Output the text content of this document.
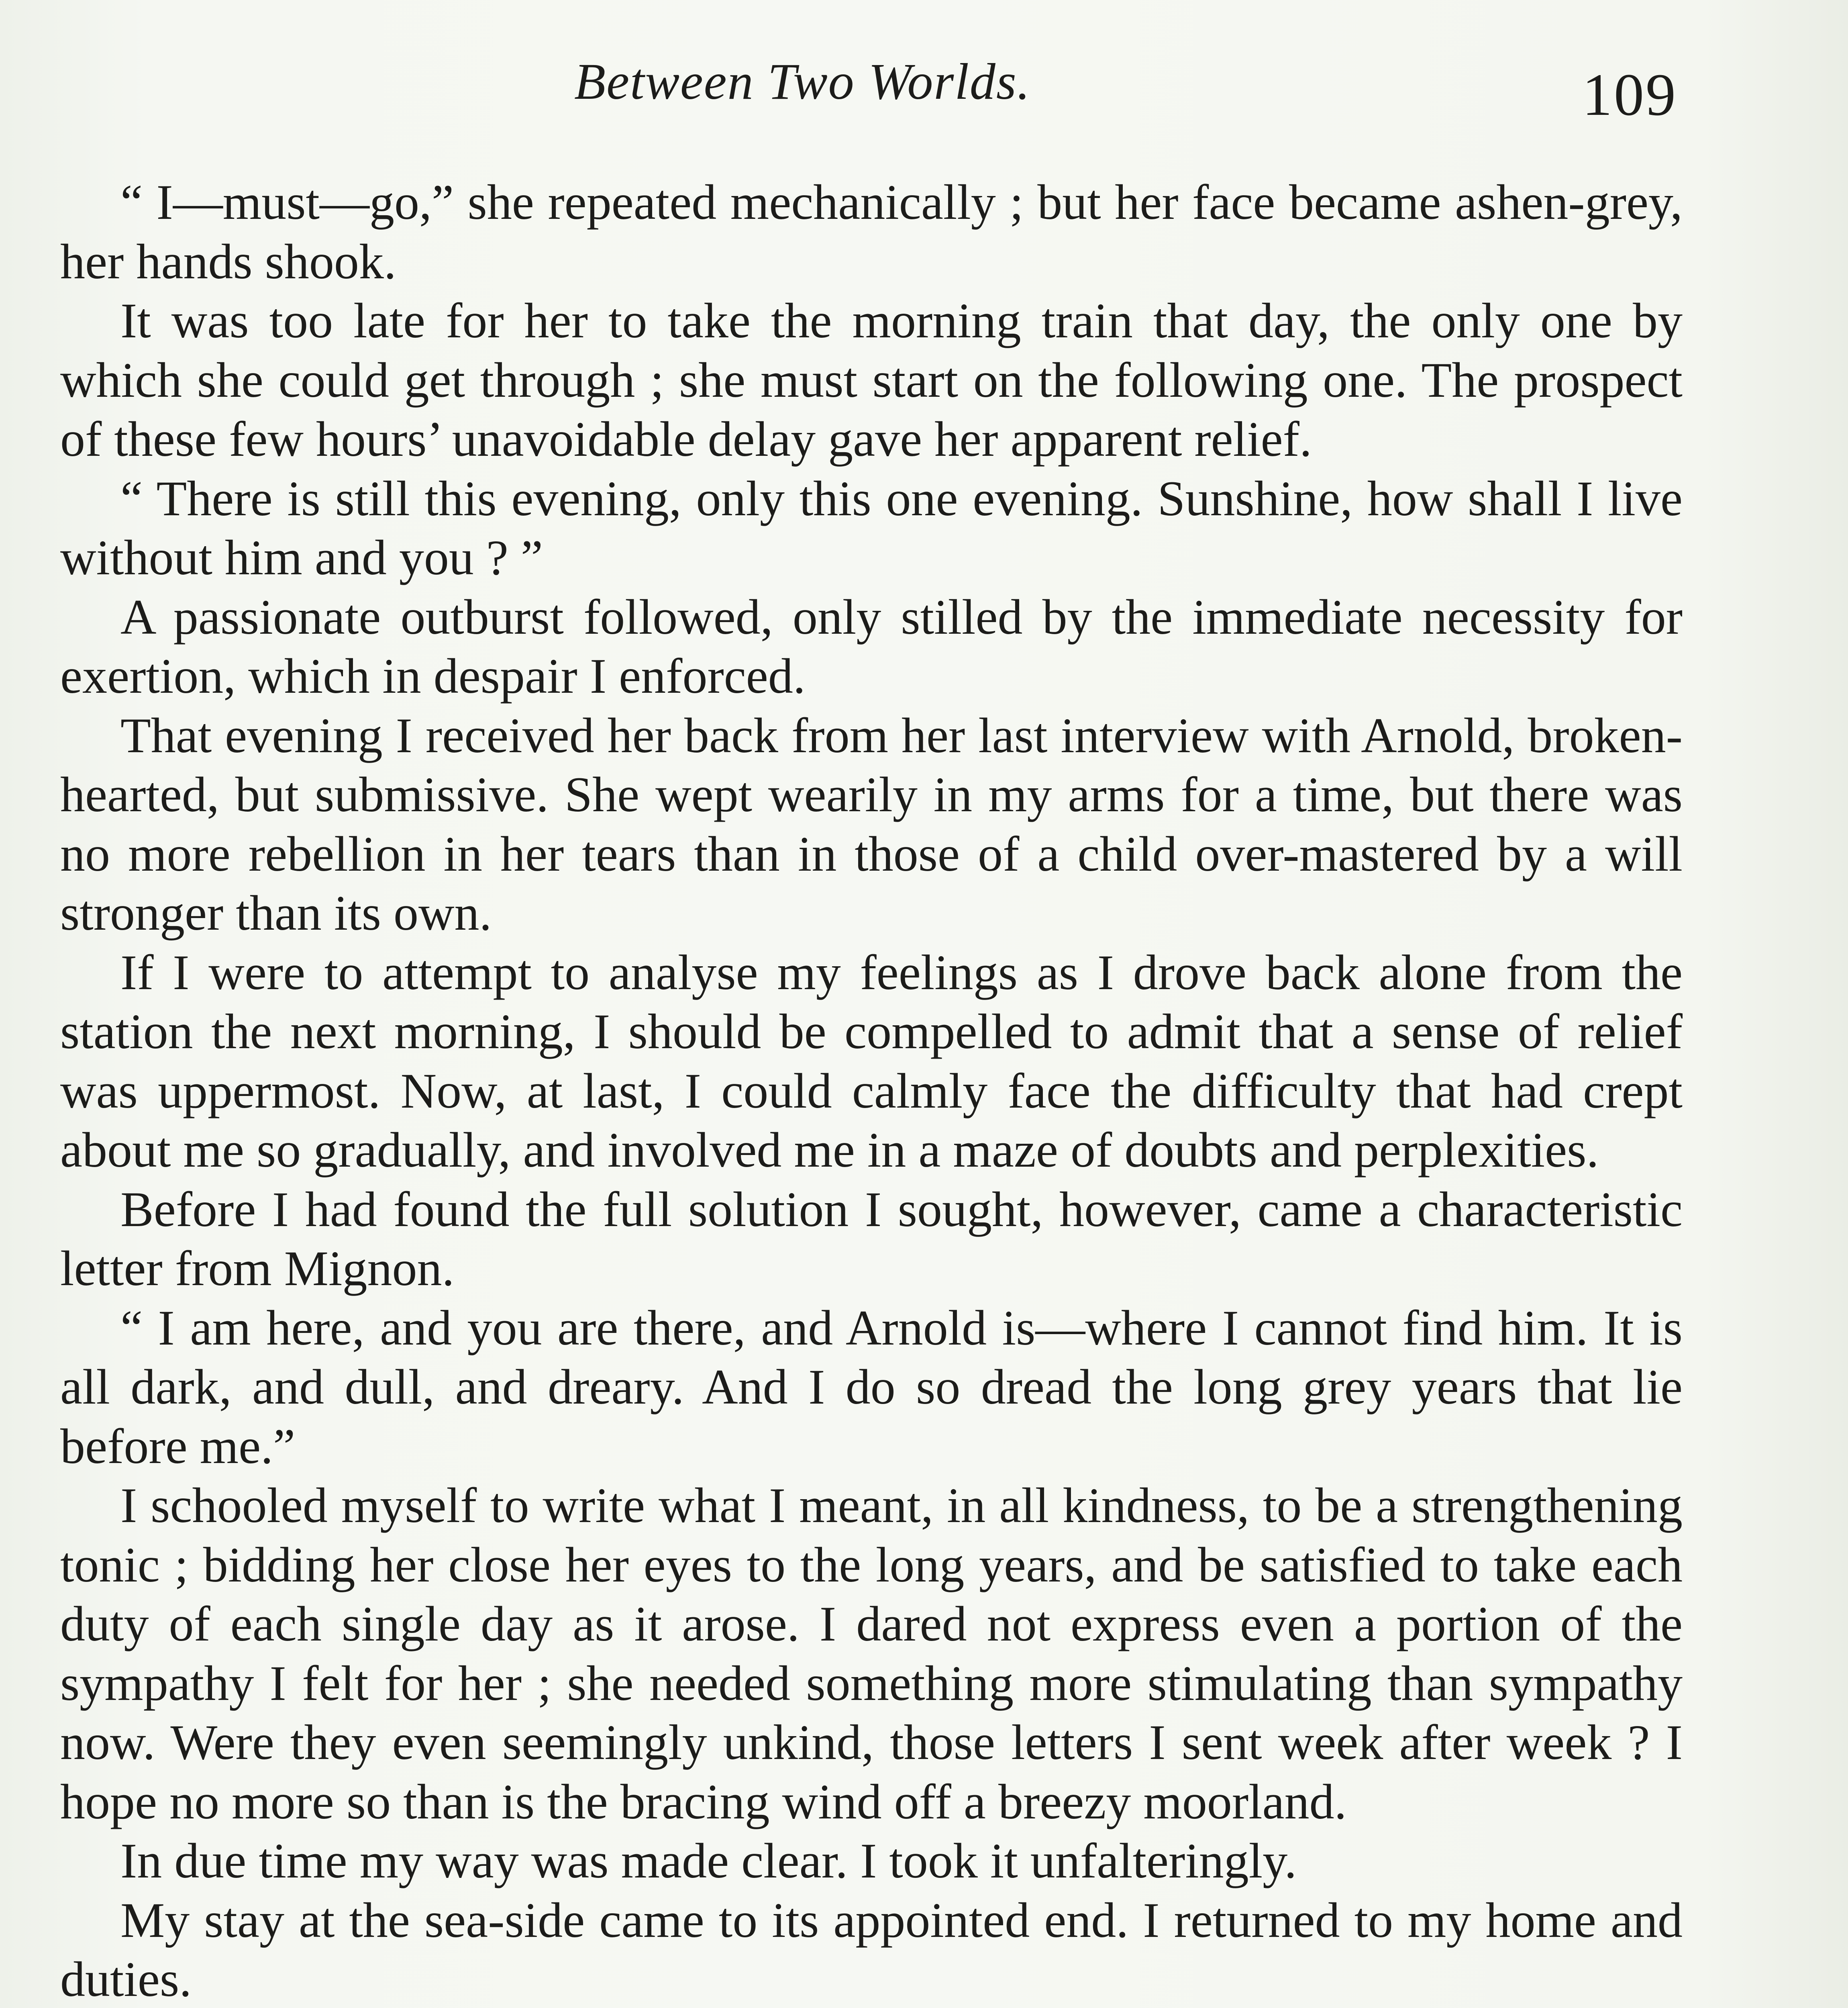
Between Two Worlds.	109

“ I—must—go,” she repeated mechanically ; but her face became ashen-grey, her hands shook.

It was too late for her to take the morning train that day, the only one by which she could get through ; she must start on the following one. The prospect of these few hours’ unavoidable delay gave her apparent relief.

“ There is still this evening, only this one evening. Sunshine, how shall I live without him and you ? ”

A passionate outburst followed, only stilled by the immediate necessity for exertion, which in despair I enforced.

That evening I received her back from her last interview with Arnold, broken-hearted, but submissive. She wept wearily in my arms for a time, but there was no more rebellion in her tears than in those of a child over-mastered by a will stronger than its own.

If I were to attempt to analyse my feelings as I drove back alone from the station the next morning, I should be compelled to admit that a sense of relief was uppermost. Now, at last, I could calmly face the difficulty that had crept about me so gradually, and involved me in a maze of doubts and perplexities.

Before I had found the full solution I sought, however, came a characteristic letter from Mignon.

“ I am here, and you are there, and Arnold is—where I cannot find him. It is all dark, and dull, and dreary. And I do so dread the long grey years that lie before me.”

I schooled myself to write what I meant, in all kindness, to be a strengthening tonic ; bidding her close her eyes to the long years, and be satisfied to take each duty of each single day as it arose. I dared not express even a portion of the sympathy I felt for her ; she needed something more stimulating than sympathy now. Were they even seemingly unkind, those letters I sent week after week ? I hope no more so than is the bracing wind off a breezy moorland.

In due time my way was made clear. I took it unfalteringly.

My stay at the sea-side came to its appointed end. I returned to my home and duties.
